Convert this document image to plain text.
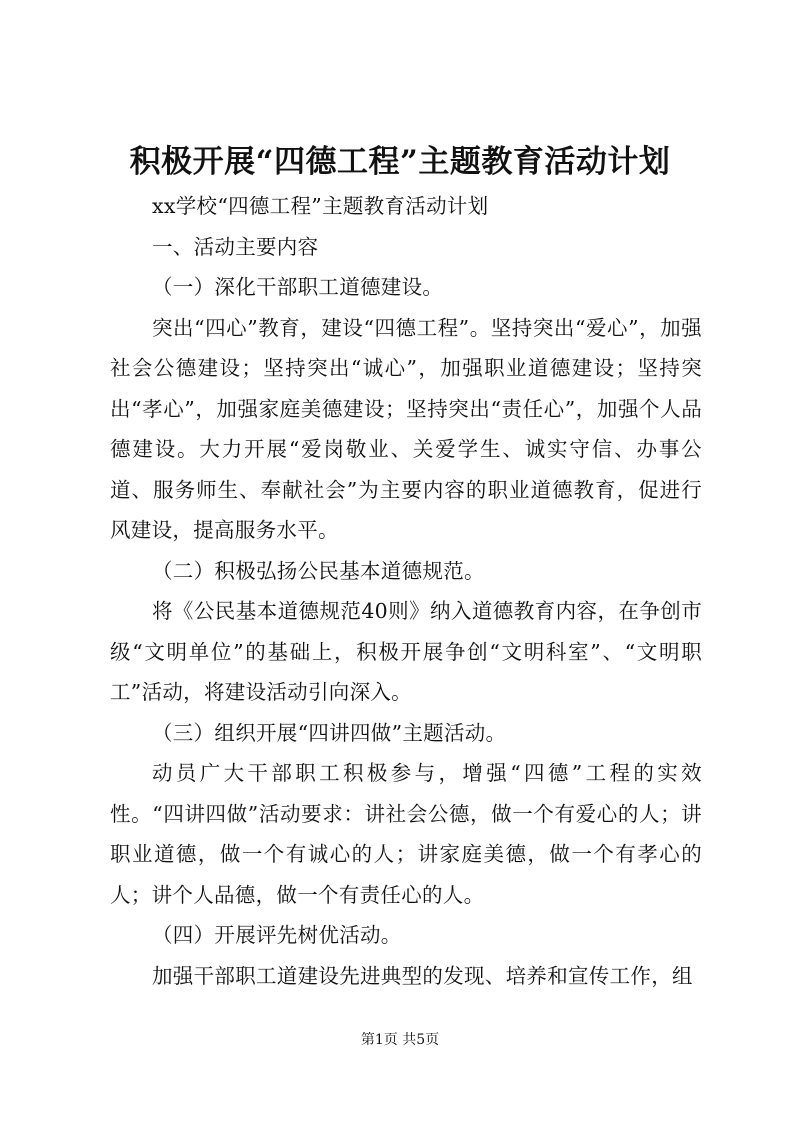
积极开展“四德工程”主题教育活动计划

xx学校“四德工程”主题教育活动计划

一、活动主要内容

（一）深化干部职工道德建设。

突出“四心”教育，建设“四德工程”。坚持突出“爱心”，加强社会公德建设；坚持突出“诚心”，加强职业道德建设；坚持突出“孝心”，加强家庭美德建设；坚持突出“责任心”，加强个人品德建设。大力开展“爱岗敬业、关爱学生、诚实守信、办事公道、服务师生、奉献社会”为主要内容的职业道德教育，促进行风建设，提高服务水平。

（二）积极弘扬公民基本道德规范。

将《公民基本道德规范40则》纳入道德教育内容，在争创市级“文明单位”的基础上，积极开展争创“文明科室”、“文明职工”活动，将建设活动引向深入。

（三）组织开展“四讲四做”主题活动。

动员广大干部职工积极参与，增强“四德”工程的实效性。“四讲四做”活动要求：讲社会公德，做一个有爱心的人；讲职业道德，做一个有诚心的人；讲家庭美德，做一个有孝心的人；讲个人品德，做一个有责任心的人。

（四）开展评先树优活动。

加强干部职工道建设先进典型的发现、培养和宣传工作，组

第1页 共5页
